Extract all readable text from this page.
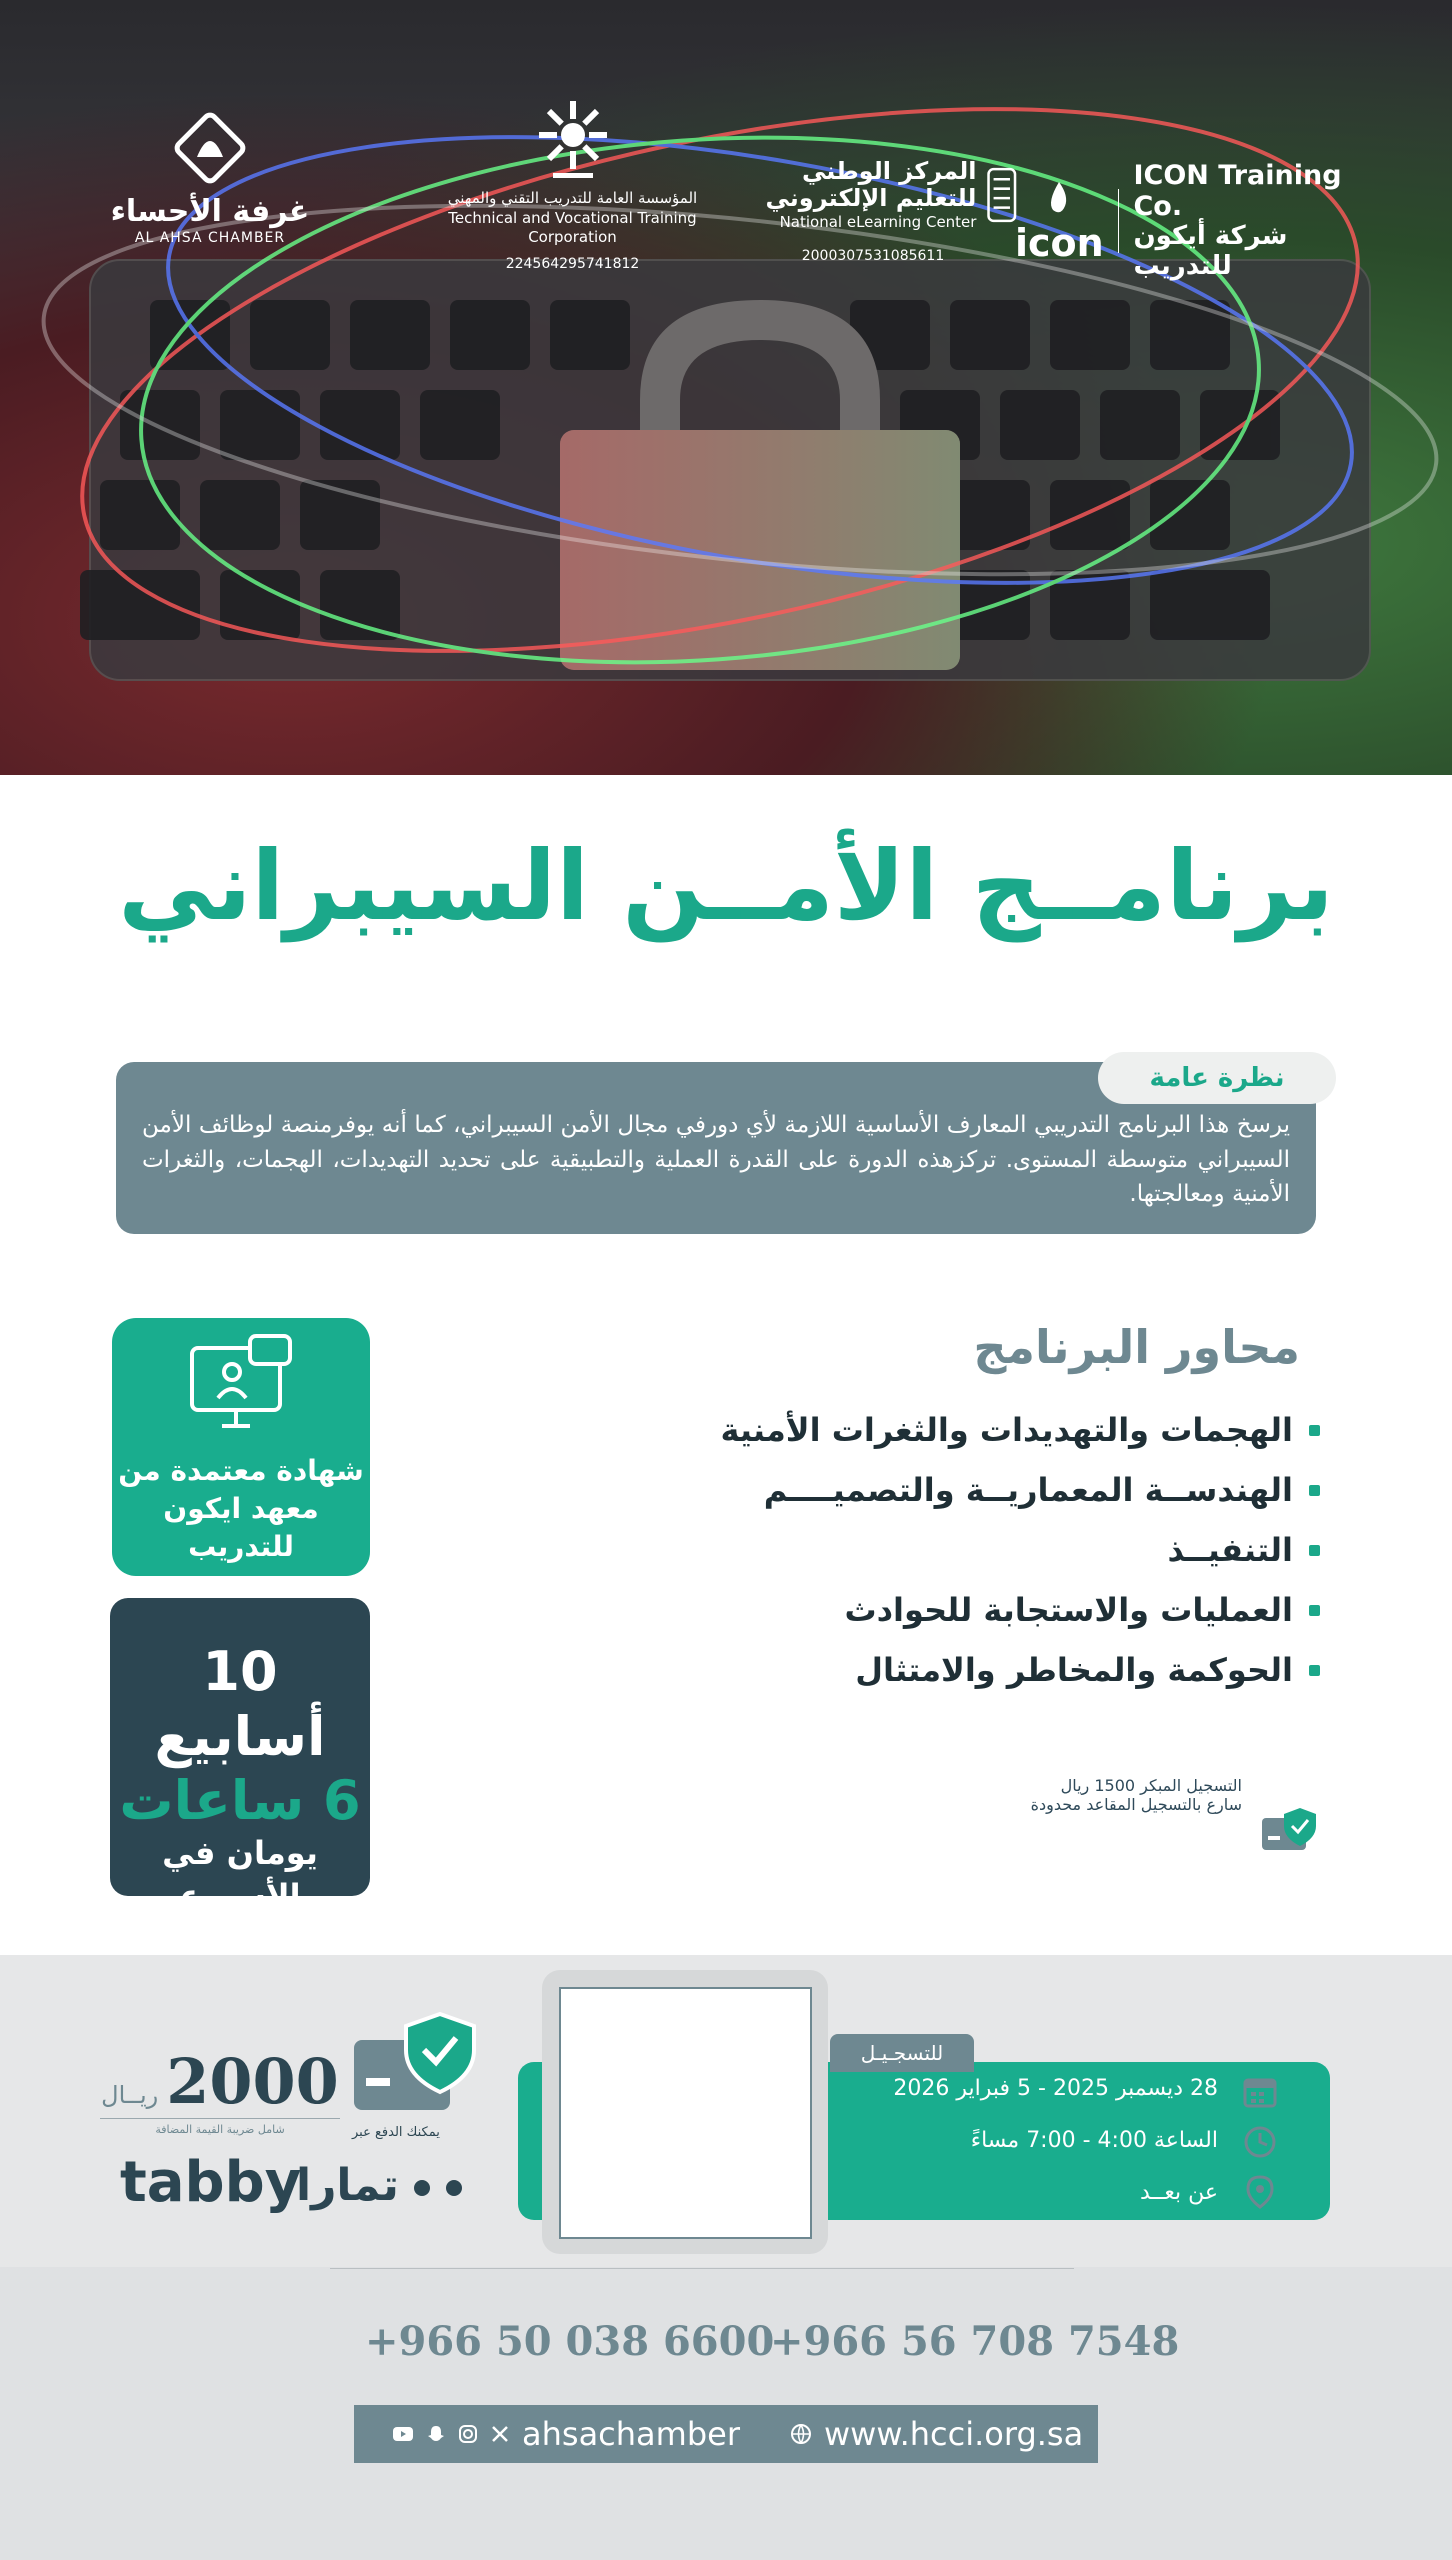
غرفة الأحساء
AL AHSA CHAMBER
المؤسسة العامة للتدريب التقني والمهني
Technical and Vocational Training Corporation
224564295741812
المركز الوطني للتعليم الإلكتروني
National eLearning Center
2000307531085611	icon
ICON Training Co.
شركة أيكون للتدريب
برنامــج الأمــن السيبراني
يرسخ هذا البرنامج التدريبي المعارف الأساسية اللازمة لأي دورفي مجال الأمن السيبراني، كما أنه يوفرمنصة لوظائف الأمن السيبراني متوسطة المستوى. تركزهذه الدورة على القدرة العملية والتطبيقية على تحديد التهديدات، الهجمات، والثغرات الأمنية ومعالجتها.
نظرة عامة
محاور البرنامج
الهجمات والتهديدات والثغرات الأمنية
الهندســة المعماريــة والتصميــــم
التنفيــذ
العمليات والاستجابة للحوادث
الحوكمة والمخاطر والامتثال
شهادة معتمدة من
معهد ايكون للتدريب
10 أسابيع
6 ساعات
يومان في الأسبوع
التسجيل المبكر 1500 ريال
سارع بالتسجيل المقاعد محدودة
للتسجـيـل
28 ديسمبر 2025 - 5 فبراير 2026
الساعة 4:00 - 7:00 مساءً
عن بعــد
ريــال 2000
شامل ضريبة القيمة المضافة	يمكنك الدفع عبر
tabby
تمارا
+966 50 038 6600
+966 56 708 7548
ahsachamber	www.hcci.org.sa
